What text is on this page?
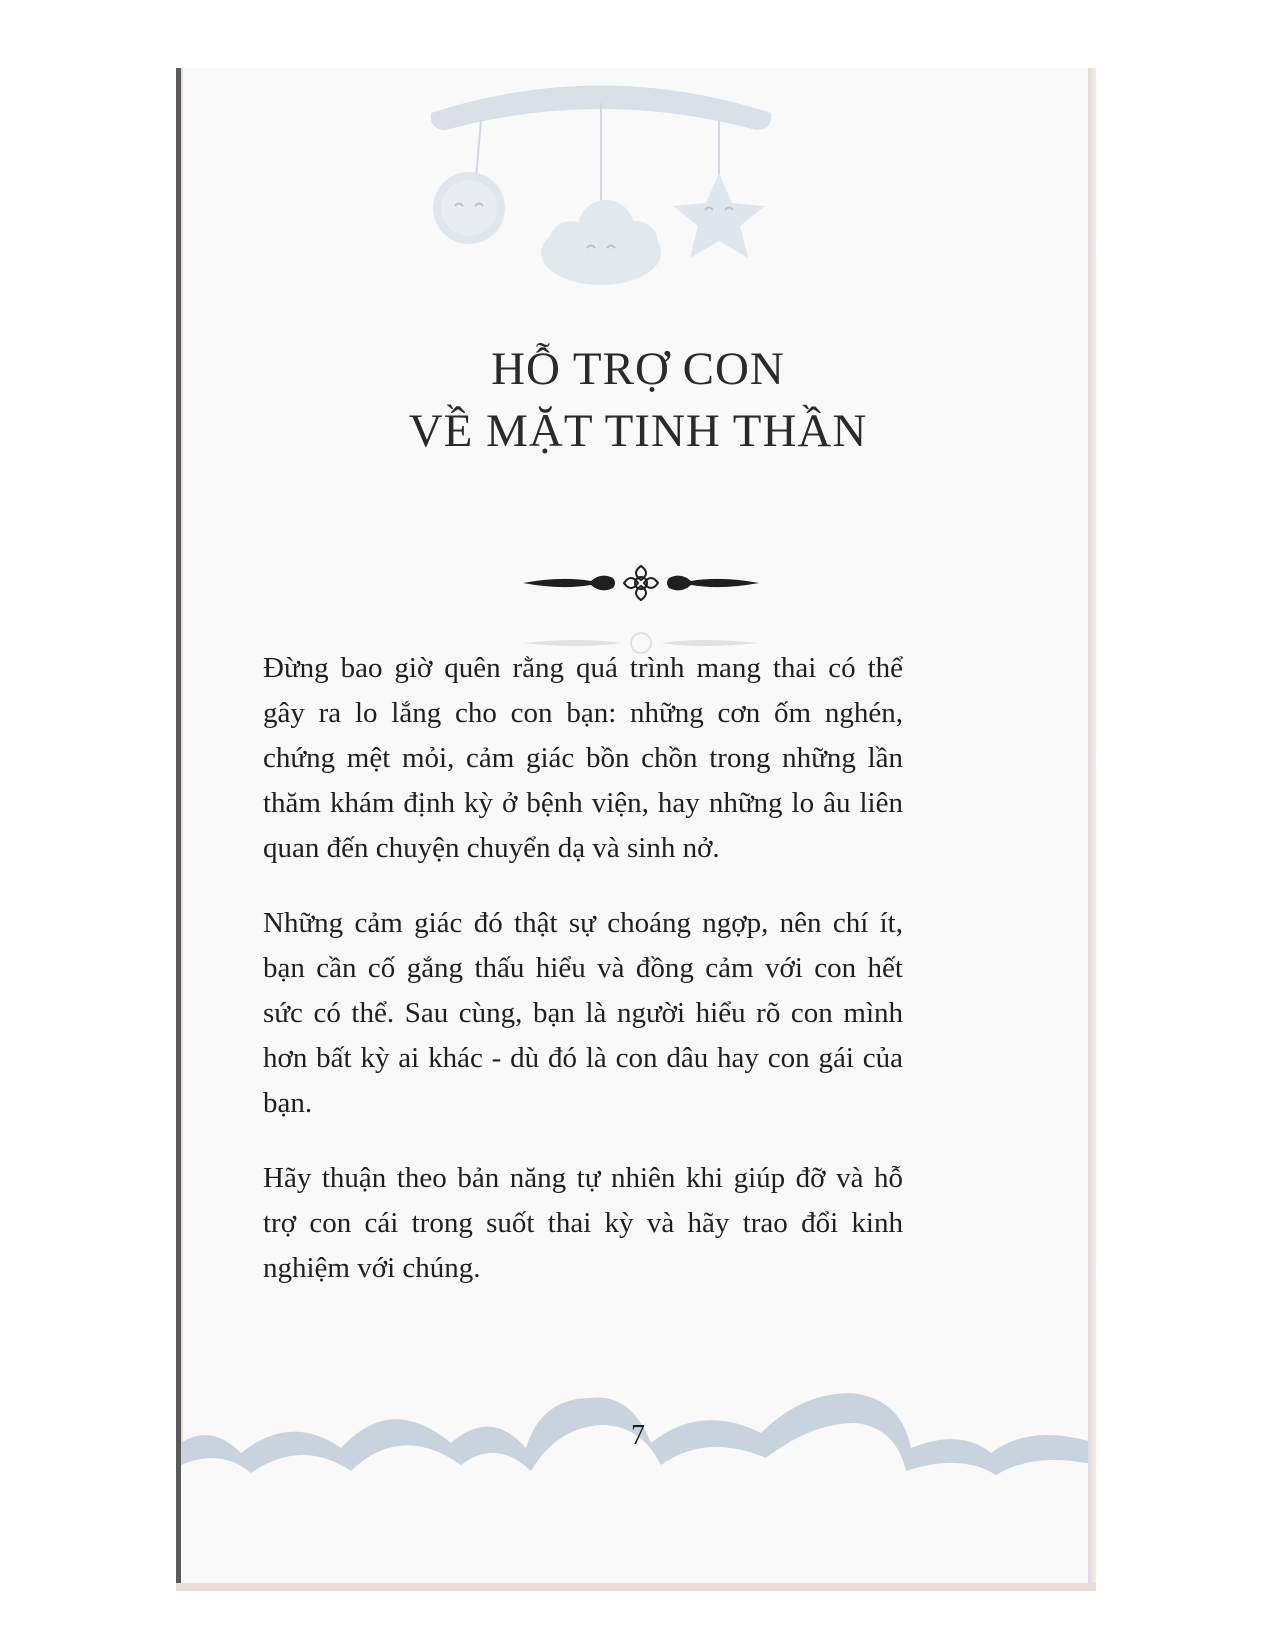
HỖ TRỢ CON
VỀ MẶT TINH THẦN

Đừng bao giờ quên rằng quá trình mang thai có thể gây ra lo lắng cho con bạn: những cơn ốm nghén, chứng mệt mỏi, cảm giác bồn chồn trong những lần thăm khám định kỳ ở bệnh viện, hay những lo âu liên quan đến chuyện chuyển dạ và sinh nở.

Những cảm giác đó thật sự choáng ngợp, nên chí ít, bạn cần cố gắng thấu hiểu và đồng cảm với con hết sức có thể. Sau cùng, bạn là người hiểu rõ con mình hơn bất kỳ ai khác - dù đó là con dâu hay con gái của bạn.

Hãy thuận theo bản năng tự nhiên khi giúp đỡ và hỗ trợ con cái trong suốt thai kỳ và hãy trao đổi kinh nghiệm với chúng.

7
